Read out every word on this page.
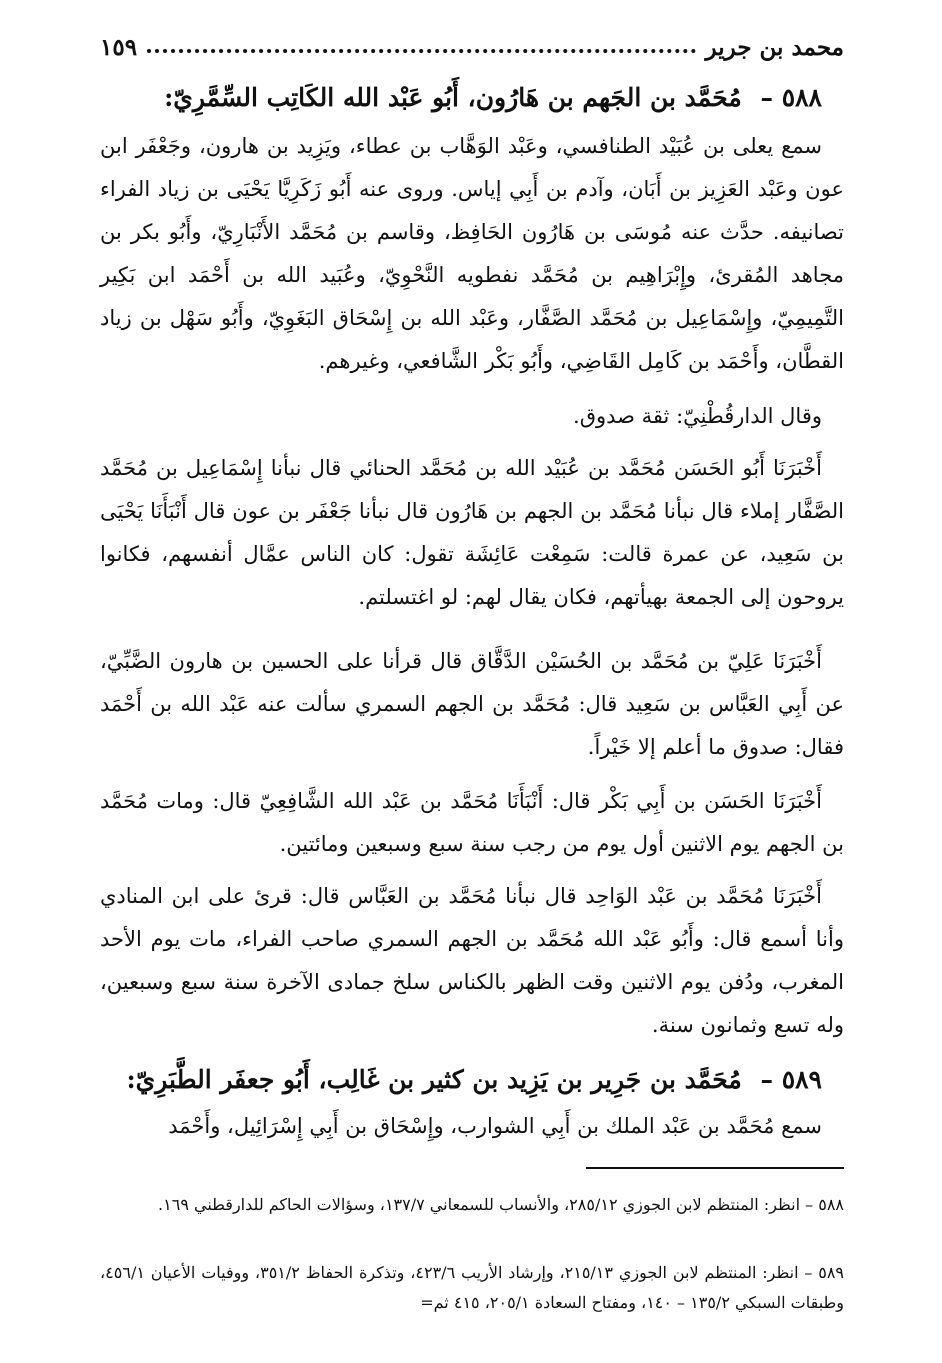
محمد بن جرير
١٥٩
٥٨٨ – مُحَمَّد بن الجَهم بن هَارُون، أَبُو عَبْد الله الكَاتِب السِّمَّرِيّ:

سمع يعلى بن عُبَيْد الطنافسي، وعَبْد الوَهَّاب بن عطاء، ويَزِيد بن هارون، وجَعْفَر ابن عون وعَبْد العَزِيز بن أَبَان، وآدم بن أَبِي إياس. وروى عنه أَبُو زَكَرِيَّا يَحْيَى بن زياد الفراء تصانيفه. حدَّث عنه مُوسَى بن هَارُون الحَافِظ، وقاسم بن مُحَمَّد الأَنْبَارِيّ، وأَبُو بكر بن مجاهد المُقرئ، وإِبْرَاهِيم بن مُحَمَّد نفطويه النَّحْوِيّ، وعُبَيد الله بن أَحْمَد ابن بَكِير التَّمِيمِيّ، وإِسْمَاعِيل بن مُحَمَّد الصَّفَّار، وعَبْد الله بن إِسْحَاق البَغَوِيّ، وأَبُو سَهْل بن زياد القطَّان، وأَحْمَد بن كَامِل القَاضِي، وأَبُو بَكْر الشَّافعي، وغيرهم.

وقال الدارقُطْنِيّ: ثقة صدوق.

أَخْبَرَنَا أَبُو الحَسَن مُحَمَّد بن عُبَيْد الله بن مُحَمَّد الحنائي قال نبأنا إِسْمَاعِيل بن مُحَمَّد الصَّفَّار إملاء قال نبأنا مُحَمَّد بن الجهم بن هَارُون قال نبأنا جَعْفَر بن عون قال أَنْبَأَنَا يَحْيَى بن سَعِيد، عن عمرة قالت: سَمِعْت عَائِشَة تقول: كان الناس عمَّال أنفسهم، فكانوا يروحون إلى الجمعة بهيأتهم، فكان يقال لهم: لو اغتسلتم.

أَخْبَرَنَا عَلِيّ بن مُحَمَّد بن الحُسَيْن الدَّقَّاق قال قرأنا على الحسين بن هارون الضَّبِّيّ، عن أَبِي العَبَّاس بن سَعِيد قال: مُحَمَّد بن الجهم السمري سألت عنه عَبْد الله بن أَحْمَد فقال: صدوق ما أعلم إلا خَيْراً.

أَخْبَرَنَا الحَسَن بن أَبِي بَكْر قال: أَنْبَأَنَا مُحَمَّد بن عَبْد الله الشَّافِعِيّ قال: ومات مُحَمَّد بن الجهم يوم الاثنين أول يوم من رجب سنة سبع وسبعين ومائتين.

أَخْبَرَنَا مُحَمَّد بن عَبْد الوَاحِد قال نبأنا مُحَمَّد بن العَبَّاس قال: قرئ على ابن المنادي وأنا أسمع قال: وأَبُو عَبْد الله مُحَمَّد بن الجهم السمري صاحب الفراء، مات يوم الأحد المغرب، ودُفن يوم الاثنين وقت الظهر بالكناس سلخ جمادى الآخرة سنة سبع وسبعين، وله تسع وثمانون سنة.

٥٨٩ – مُحَمَّد بن جَرِير بن يَزِيد بن كثير بن غَالِب، أَبُو جعفَر الطَّبَرِيّ:

سمع مُحَمَّد بن عَبْد الملك بن أَبِي الشوارب، وإِسْحَاق بن أَبِي إِسْرَائِيل، وأَحْمَد

٥٨٨ – انظر: المنتظم لابن الجوزي ٢٨٥/١٢، والأنساب للسمعاني ١٣٧/٧، وسؤالات الحاكم للدارقطني ١٦٩.

٥٨٩ – انظر: المنتظم لابن الجوزي ٢١٥/١٣، وإرشاد الأريب ٤٢٣/٦، وتذكرة الحفاظ ٣٥١/٢، ووفيات الأعيان ٤٥٦/١، وطبقات السبكي ١٣٥/٢ – ١٤٠، ومفتاح السعادة ٢٠٥/١، ٤١٥ ثم=
